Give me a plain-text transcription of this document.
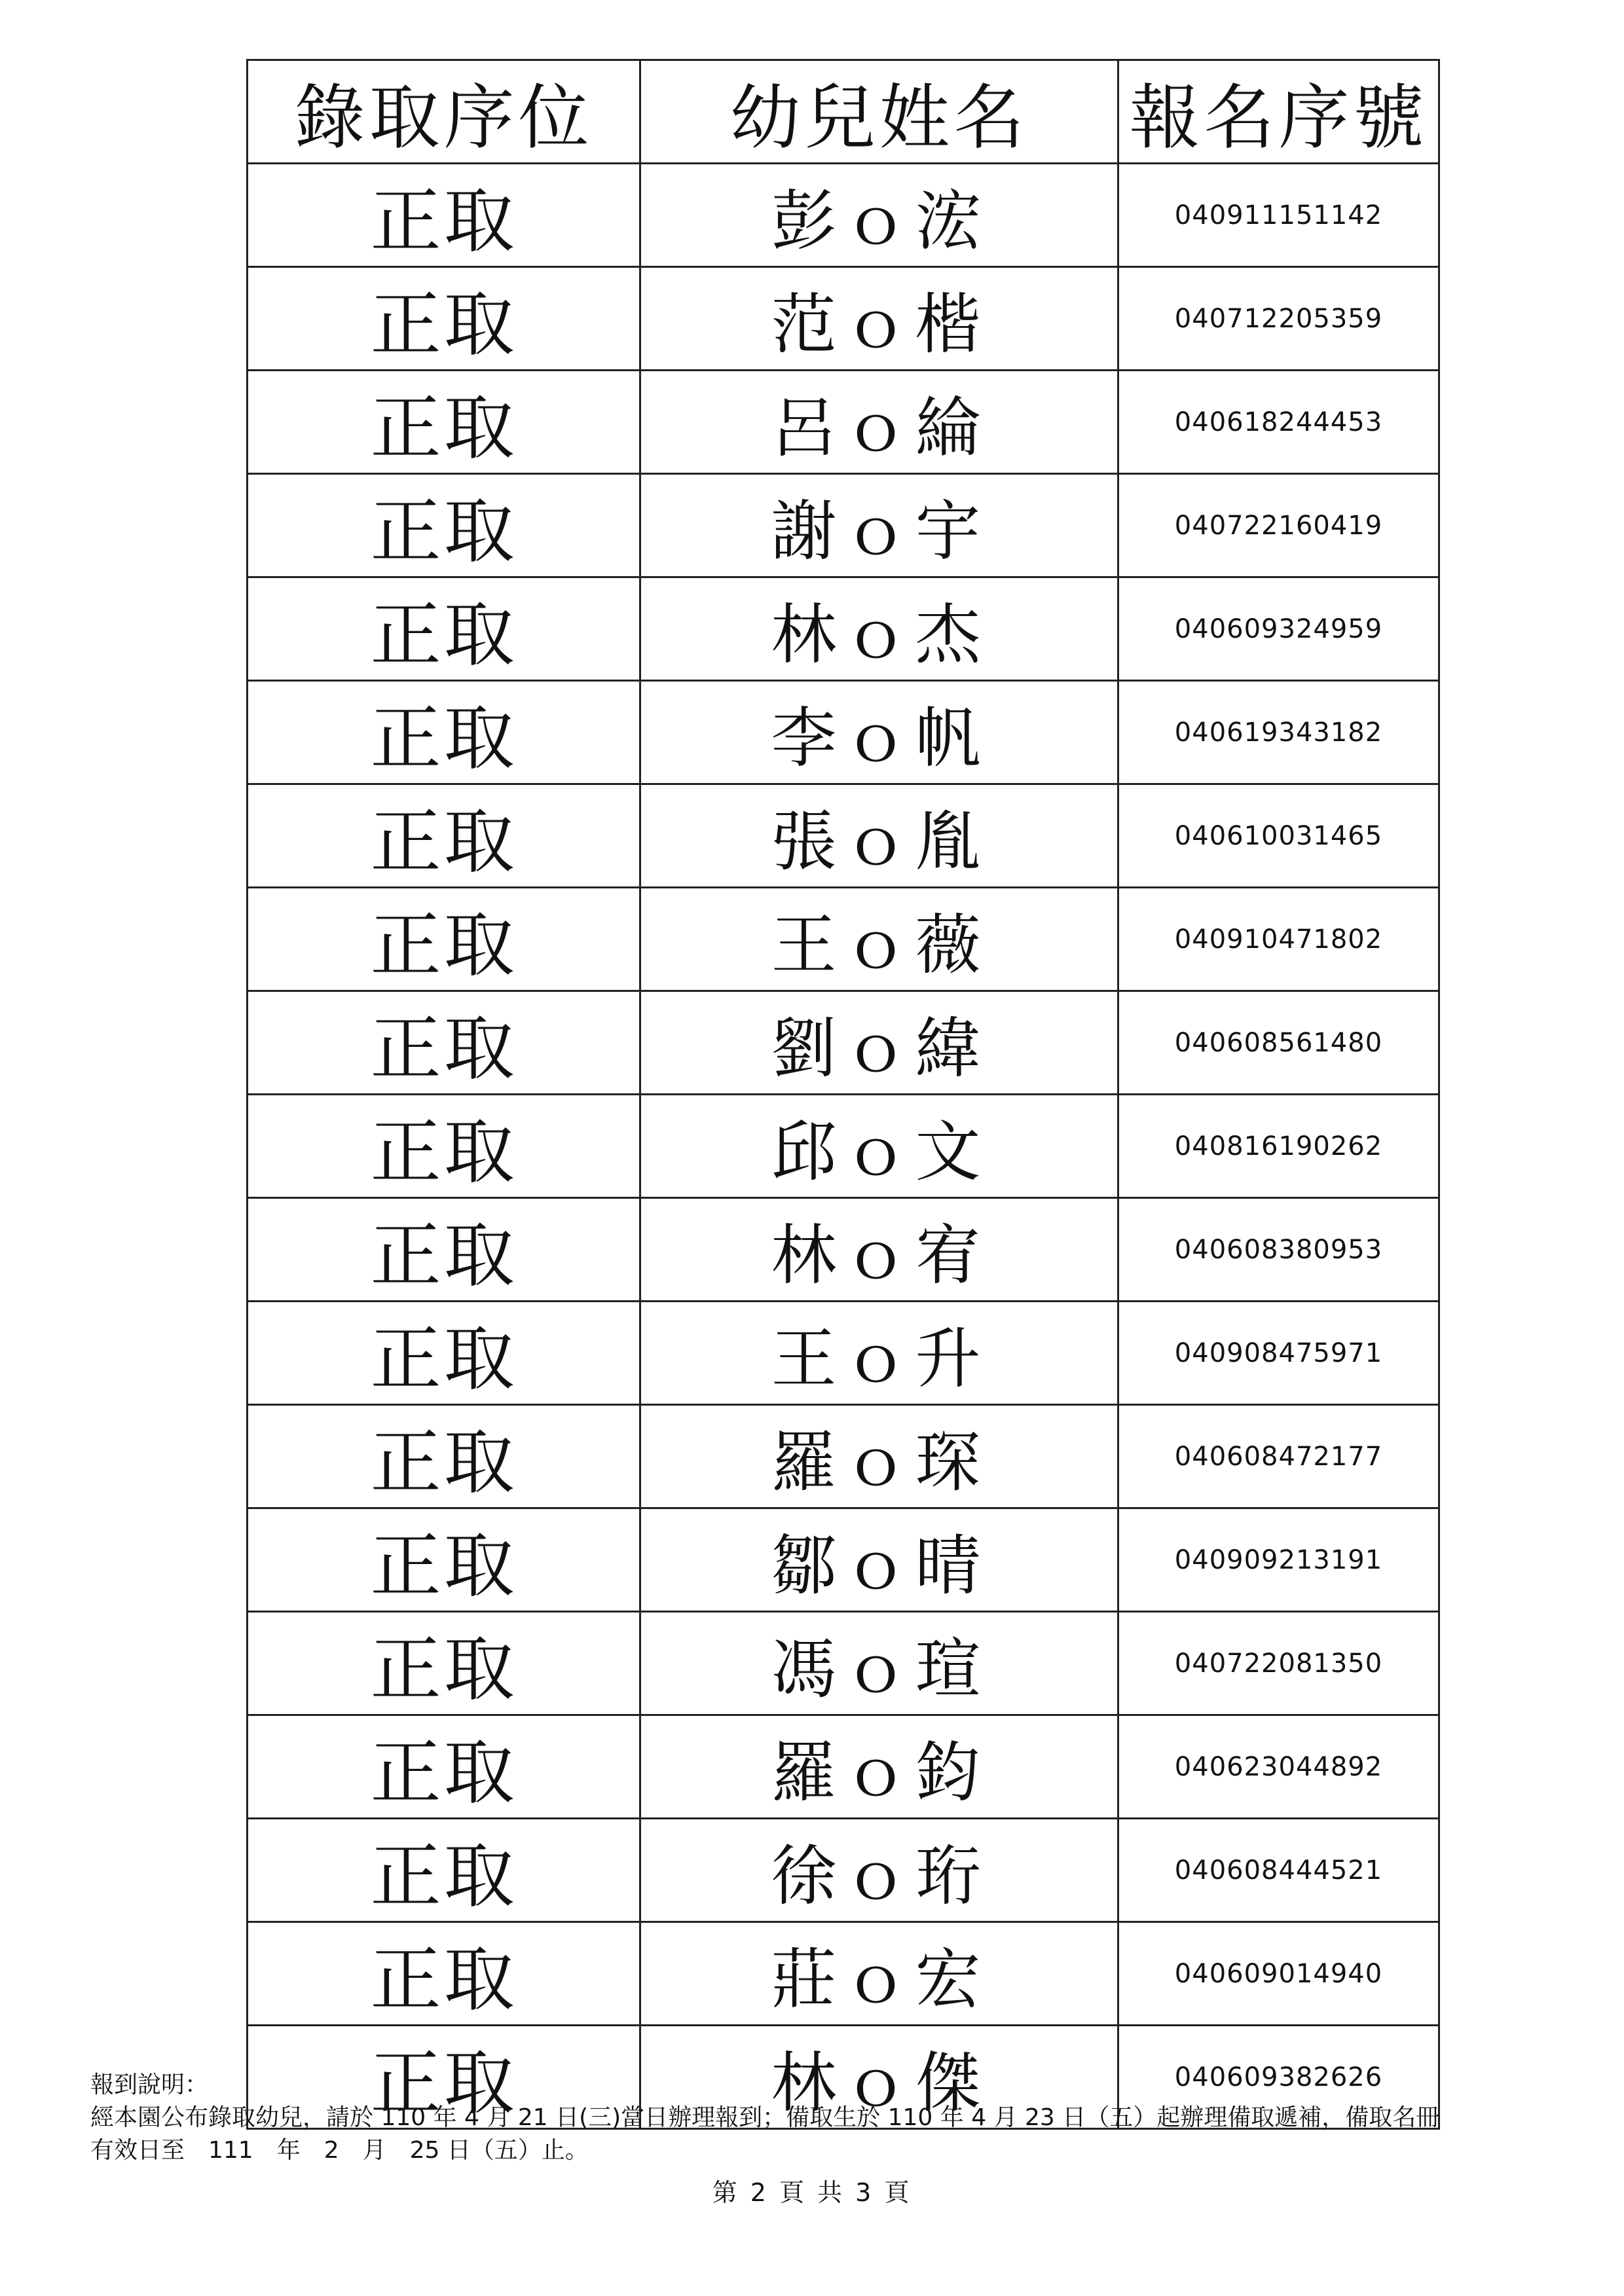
錄取序位	幼兒姓名	報名序號
正取	彭ｏ浤	040911151142
正取	范ｏ楷	040712205359
正取	呂ｏ綸	040618244453
正取	謝ｏ宇	040722160419
正取	林ｏ杰	040609324959
正取	李ｏ帆	040619343182
正取	張ｏ胤	040610031465
正取	王ｏ薇	040910471802
正取	劉ｏ緯	040608561480
正取	邱ｏ文	040816190262
正取	林ｏ宥	040608380953
正取	王ｏ升	040908475971
正取	羅ｏ琛	040608472177
正取	鄒ｏ晴	040909213191
正取	馮ｏ瑄	040722081350
正取	羅ｏ鈞	040623044892
正取	徐ｏ珩	040608444521
正取	莊ｏ宏	040609014940
正取	林ｏ傑	040609382626

報到說明：

經本園公布錄取幼兒，請於 110 年 4 月 21 日(三)當日辦理報到；備取生於 110 年 4 月 23 日（五）起辦理備取遞補，備取名冊

有效日至　111　年　2　月　25 日（五）止。

第 2 頁 共 3 頁
